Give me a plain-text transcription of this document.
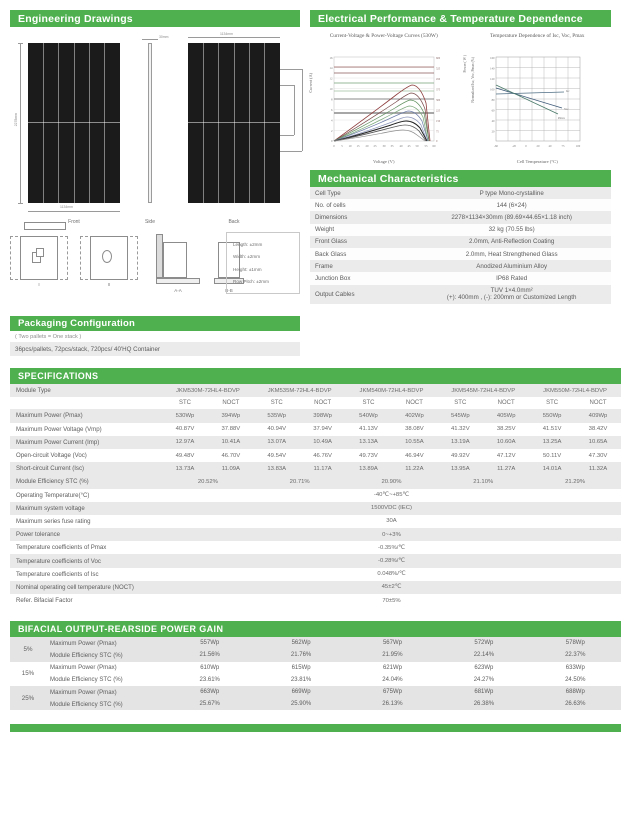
Engineering Drawings
2278mm
1134mm
Front
30mm
Side
1134mm
Back
I	II
A-A	B-B
Length: ±2mm
Width: ±2mm
Height: ±1mm
Row Pitch: ±2mm
Packaging Configuration
( Two pallets = One stack )
36pcs/pallets, 72pcs/stack, 720pcs/ 40'HQ Container
Electrical Performance & Temperature Dependence
Current-Voltage & Power-Voltage Curves (530W)
Current (A)
16
14
12
10
8
6
4
2
0
600
525
450
375
300
225
150
75
0
0 5 10 15 20 25 30 35 40 45 50 55 60
Voltage (V)
Temperature Dependence of Isc, Voc, Pmax
Power ( W ) Normalized Isc, Voc, Pmax (%)	Isc
Voc
Pmax
160
140
120
100
80
60
40
20
-60	-20	0	20	40	75	100
Cell Temperature (°C)
Mechanical Characteristics
Cell Type	P type Mono-crystalline
No. of cells	144 (6×24)
Dimensions	2278×1134×30mm (89.69×44.65×1.18 inch)
Weight	32 kg (70.55 lbs)
Front Glass	2.0mm, Anti-Reflection Coating
Back Glass	2.0mm, Heat Strengthened Glass
Frame	Anodized Aluminium Alloy
Junction Box	IP68 Rated
Output Cables	TUV 1×4.0mm²
(+): 400mm , (-): 200mm or Customized Length
SPECIFICATIONS
Module Type	JKM530M-72HL4-BDVP		JKM535M-72HL4-BDVP		JKM540M-72HL4-BDVP		JKM545M-72HL4-BDVP		JKM550M-72HL4-BDVP	
	STC	NOCT	STC	NOCT	STC	NOCT	STC	NOCT	STC	NOCT
Maximum Power (Pmax)	530Wp	394Wp	535Wp	398Wp	540Wp	402Wp	545Wp	405Wp	550Wp	409Wp
Maximum Power Voltage (Vmp)	40.87V	37.88V	40.94V	37.94V	41.13V	38.08V	41.32V	38.25V	41.51V	38.42V
Maximum Power Current (Imp)	12.97A	10.41A	13.07A	10.49A	13.13A	10.55A	13.19A	10.60A	13.25A	10.65A
Open-circuit Voltage (Voc)	49.48V	46.70V	49.54V	46.76V	49.73V	46.94V	49.92V	47.12V	50.11V	47.30V
Short-circuit Current (Isc)	13.73A	11.09A	13.83A	11.17A	13.89A	11.22A	13.95A	11.27A	14.01A	11.32A
Module Efficiency STC (%)	20.52%		20.71%		20.90%		21.10%		21.29%	
Operating Temperature(°C)	-40℃~+85℃									
Maximum system voltage	1500VDC (IEC)									
Maximum series fuse rating	30A									
Power tolerance	0~+3%									
Temperature coefficients of Pmax	-0.35%/℃									
Temperature coefficients of Voc	-0.28%/℃									
Temperature coefficients of Isc	0.048%/℃									
Nominal operating cell temperature (NOCT)	45±2℃									
Refer. Bifacial Factor	70±5%									
BIFACIAL OUTPUT-REARSIDE POWER GAIN
5%	Maximum Power (Pmax)	557Wp	562Wp	567Wp	572Wp	578Wp
	Module Efficiency STC (%)	21.56%	21.76%	21.95%	22.14%	22.37%
15%	Maximum Power (Pmax)	610Wp	615Wp	621Wp	623Wp	633Wp
	Module Efficiency STC (%)	23.61%	23.81%	24.04%	24.27%	24.50%
25%	Maximum Power (Pmax)	663Wp	669Wp	675Wp	681Wp	688Wp
	Module Efficiency STC (%)	25.67%	25.90%	26.13%	26.38%	26.63%
